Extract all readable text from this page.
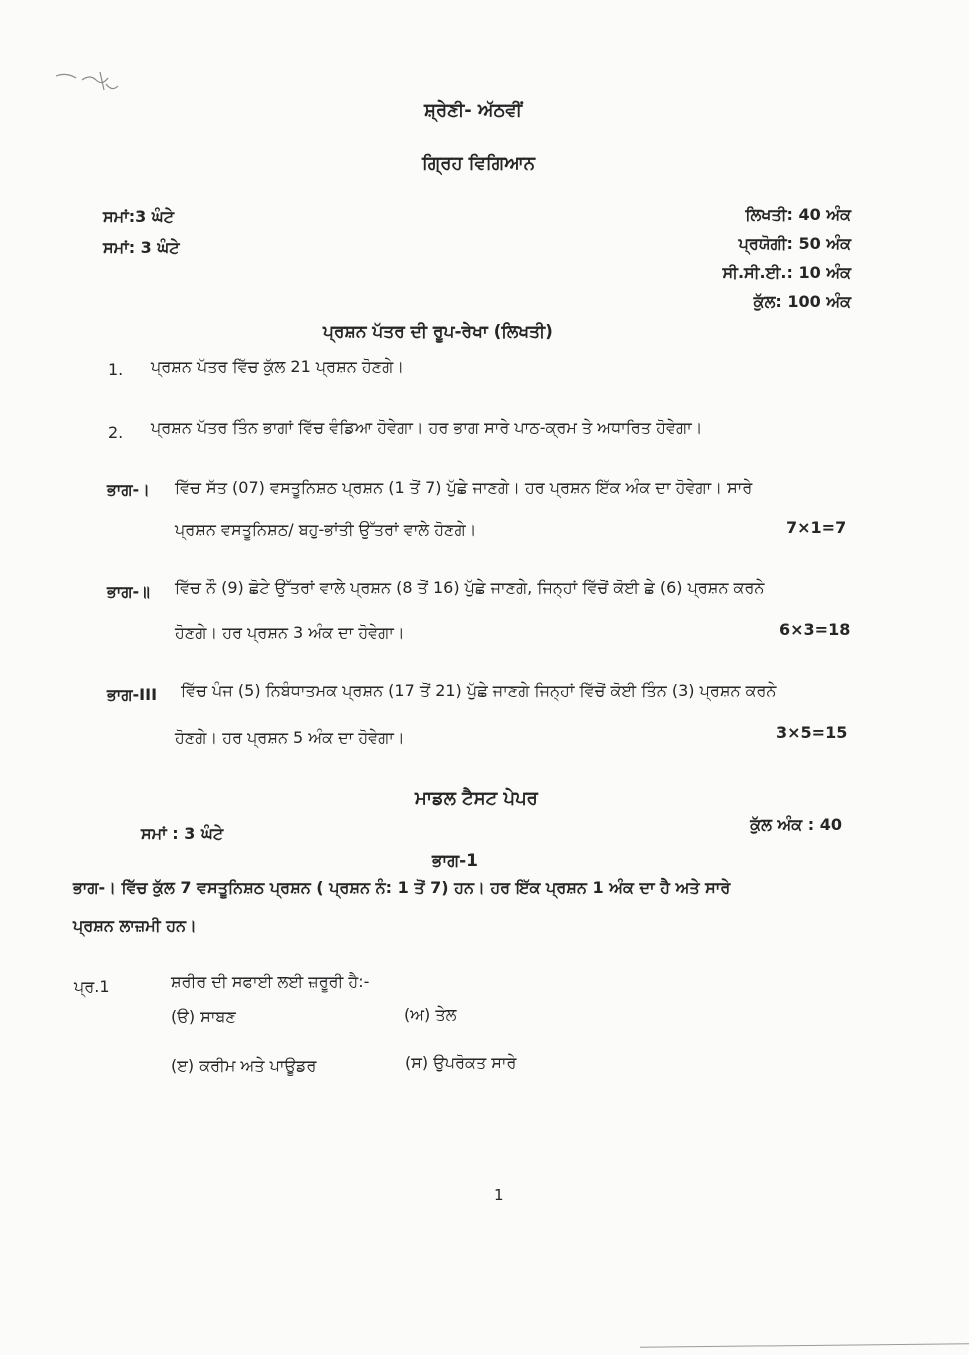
ਸ਼੍ਰੇਣੀ- ਅੱਠਵੀਂ
ਗ੍ਰਿਹ ਵਿਗਿਆਨ
ਸਮਾਂ:3 ਘੰਟੇ
ਸਮਾਂ: 3 ਘੰਟੇ
ਲਿਖਤੀ: 40 ਅੰਕ
ਪ੍ਰਯੋਗੀ: 50 ਅੰਕ
ਸੀ.ਸੀ.ਈ.: 10 ਅੰਕ
ਕੁੱਲ: 100 ਅੰਕ
ਪ੍ਰਸ਼ਨ ਪੱਤਰ ਦੀ ਰੂਪ-ਰੇਖਾ (ਲਿਖਤੀ)
1. ਪ੍ਰਸ਼ਨ ਪੱਤਰ ਵਿੱਚ ਕੁੱਲ 21 ਪ੍ਰਸ਼ਨ ਹੋਣਗੇ।
2. ਪ੍ਰਸ਼ਨ ਪੱਤਰ ਤਿੰਨ ਭਾਗਾਂ ਵਿੱਚ ਵੰਡਿਆ ਹੋਵੇਗਾ। ਹਰ ਭਾਗ ਸਾਰੇ ਪਾਠ-ਕ੍ਰਮ ਤੇ ਅਧਾਰਿਤ ਹੋਵੇਗਾ।
ਭਾਗ-। ਵਿੱਚ ਸੱਤ (07) ਵਸਤੂਨਿਸ਼ਠ ਪ੍ਰਸ਼ਨ (1 ਤੋਂ 7) ਪੁੱਛੇ ਜਾਣਗੇ। ਹਰ ਪ੍ਰਸ਼ਨ ਇੱਕ ਅੰਕ ਦਾ ਹੋਵੇਗਾ। ਸਾਰੇ
ਪ੍ਰਸ਼ਨ ਵਸਤੂਨਿਸ਼ਠ/ ਬਹੁ-ਭਾਂਤੀ ਉੱਤਰਾਂ ਵਾਲੇ ਹੋਣਗੇ।	7×1=7
ਭਾਗ-॥ ਵਿੱਚ ਨੌ (9) ਛੋਟੇ ਉੱਤਰਾਂ ਵਾਲੇ ਪ੍ਰਸ਼ਨ (8 ਤੋਂ 16) ਪੁੱਛੇ ਜਾਣਗੇ, ਜਿਨ੍ਹਾਂ ਵਿੱਚੋਂ ਕੋਈ ਛੇ (6) ਪ੍ਰਸ਼ਨ ਕਰਨੇ
ਹੋਣਗੇ। ਹਰ ਪ੍ਰਸ਼ਨ 3 ਅੰਕ ਦਾ ਹੋਵੇਗਾ।	6×3=18
ਭਾਗ-III ਵਿੱਚ ਪੰਜ (5) ਨਿਬੰਧਾਤਮਕ ਪ੍ਰਸ਼ਨ (17 ਤੋਂ 21) ਪੁੱਛੇ ਜਾਣਗੇ ਜਿਨ੍ਹਾਂ ਵਿੱਚੋਂ ਕੋਈ ਤਿੰਨ (3) ਪ੍ਰਸ਼ਨ ਕਰਨੇ
ਹੋਣਗੇ। ਹਰ ਪ੍ਰਸ਼ਨ 5 ਅੰਕ ਦਾ ਹੋਵੇਗਾ।	3×5=15
ਮਾਡਲ ਟੈਸਟ ਪੇਪਰ
ਸਮਾਂ : 3 ਘੰਟੇ	ਕੁੱਲ ਅੰਕ : 40
ਭਾਗ-1
ਭਾਗ-। ਵਿੱਚ ਕੁੱਲ 7 ਵਸਤੂਨਿਸ਼ਠ ਪ੍ਰਸ਼ਨ ( ਪ੍ਰਸ਼ਨ ਨੰ: 1 ਤੋਂ 7) ਹਨ। ਹਰ ਇੱਕ ਪ੍ਰਸ਼ਨ 1 ਅੰਕ ਦਾ ਹੈ ਅਤੇ ਸਾਰੇ
ਪ੍ਰਸ਼ਨ ਲਾਜ਼ਮੀ ਹਨ।
ਪ੍ਰ.1	ਸ਼ਰੀਰ ਦੀ ਸਫਾਈ ਲਈ ਜ਼ਰੂਰੀ ਹੈ:-
(ੳ) ਸਾਬਣ	(ਅ) ਤੇਲ
(ੲ) ਕਰੀਮ ਅਤੇ ਪਾਊਡਰ	(ਸ) ਉਪਰੋਕਤ ਸਾਰੇ
1
